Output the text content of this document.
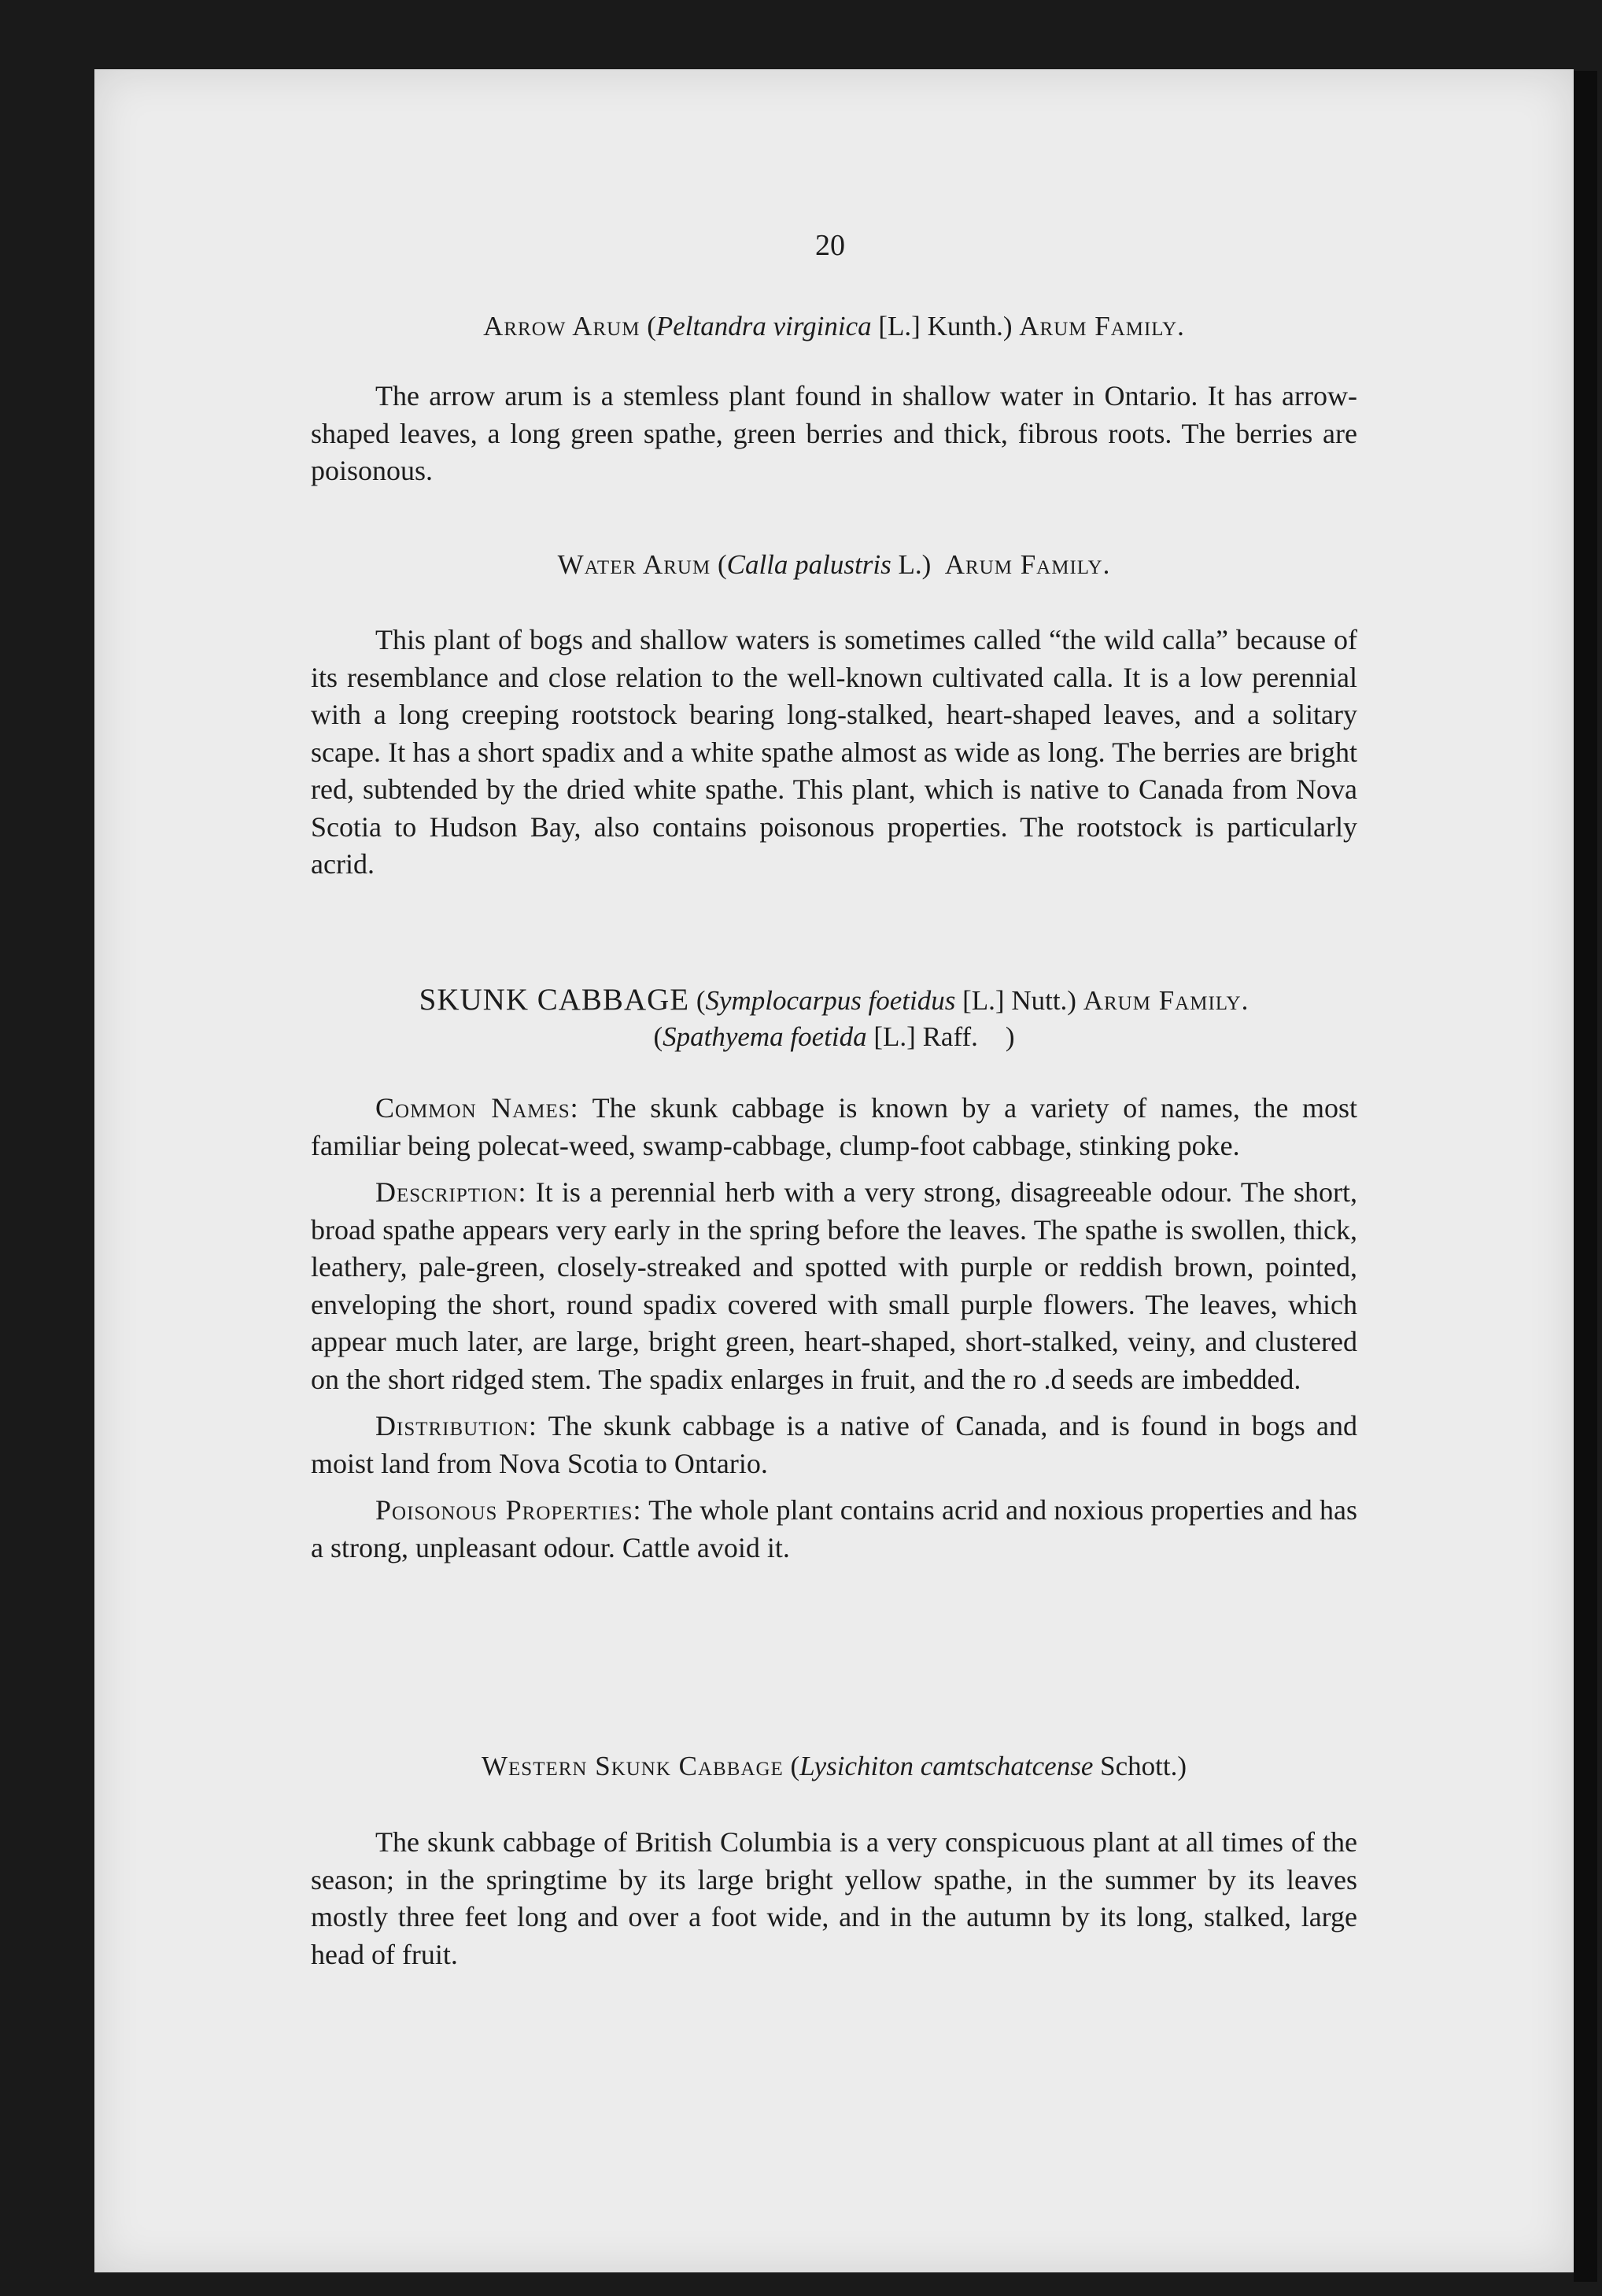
20
Arrow Arum (Peltandra virginica [L.] Kunth.) Arum Family.

The arrow arum is a stemless plant found in shallow water in Ontario. It has arrow-shaped leaves, a long green spathe, green berries and thick, fibrous roots. The berries are poisonous.

Water Arum (Calla palustris L.) Arum Family.

This plant of bogs and shallow waters is sometimes called “the wild calla” because of its resemblance and close relation to the well-known cultivated calla. It is a low perennial with a long creeping rootstock bearing long-stalked, heart-shaped leaves, and a solitary scape. It has a short spadix and a white spathe almost as wide as long. The berries are bright red, subtended by the dried white spathe. This plant, which is native to Canada from Nova Scotia to Hudson Bay, also contains poisonous properties. The rootstock is particularly acrid.

SKUNK CABBAGE (Symplocarpus foetidus [L.] Nutt.) Arum Family.
(Spathyema foetida [L.] Raff. )

Common Names: The skunk cabbage is known by a variety of names, the most familiar being polecat-weed, swamp-cabbage, clump-foot cabbage, stinking poke.

Description: It is a perennial herb with a very strong, disagreeable odour. The short, broad spathe appears very early in the spring before the leaves. The spathe is swollen, thick, leathery, pale-green, closely-streaked and spotted with purple or reddish brown, pointed, enveloping the short, round spadix covered with small purple flowers. The leaves, which appear much later, are large, bright green, heart-shaped, short-stalked, veiny, and clustered on the short ridged stem. The spadix enlarges in fruit, and the ro .d seeds are imbedded.

Distribution: The skunk cabbage is a native of Canada, and is found in bogs and moist land from Nova Scotia to Ontario.

Poisonous Properties: The whole plant contains acrid and noxious properties and has a strong, unpleasant odour. Cattle avoid it.

Western Skunk Cabbage (Lysichiton camtschatcense Schott.)

The skunk cabbage of British Columbia is a very conspicuous plant at all times of the season; in the springtime by its large bright yellow spathe, in the summer by its leaves mostly three feet long and over a foot wide, and in the autumn by its long, stalked, large head of fruit.
